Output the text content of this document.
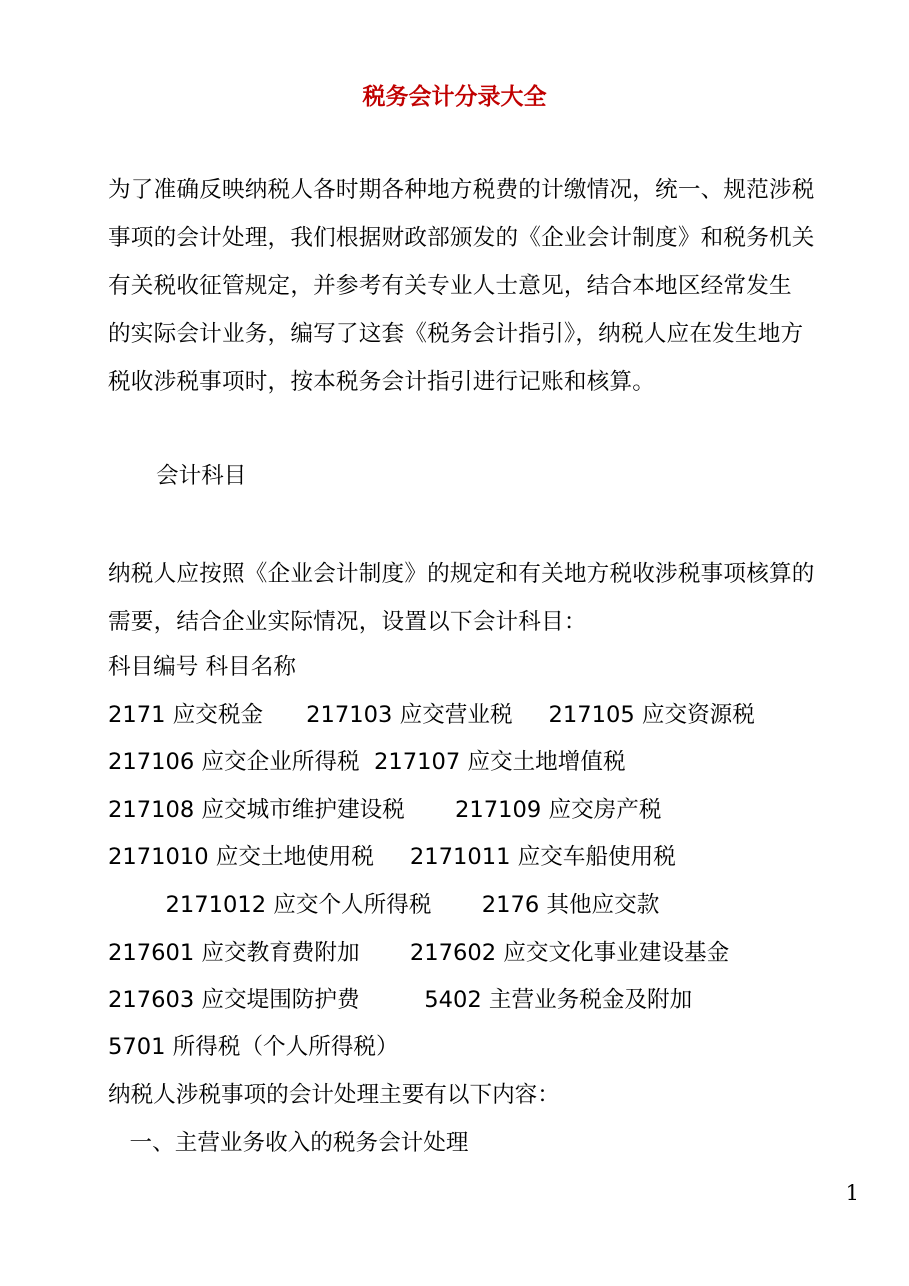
税务会计分录大全
为了准确反映纳税人各时期各种地方税费的计缴情况，统一、规范涉税
事项的会计处理，我们根据财政部颁发的《企业会计制度》和税务机关
有关税收征管规定，并参考有关专业人士意见，结合本地区经常发生
的实际会计业务，编写了这套《税务会计指引》，纳税人应在发生地方
税收涉税事项时，按本税务会计指引进行记账和核算。
会计科目
纳税人应按照《企业会计制度》的规定和有关地方税收涉税事项核算的
需要，结合企业实际情况，设置以下会计科目：
科目编号 科目名称
2171 应交税金      217103 应交营业税     217105 应交资源税
217106 应交企业所得税  217107 应交土地增值税
217108 应交城市维护建设税       217109 应交房产税
2171010 应交土地使用税     2171011 应交车船使用税
2171012 应交个人所得税       2176 其他应交款
217601 应交教育费附加       217602 应交文化事业建设基金
217603 应交堤围防护费         5402 主营业务税金及附加
5701 所得税（个人所得税）
纳税人涉税事项的会计处理主要有以下内容：
一、主营业务收入的税务会计处理
1
